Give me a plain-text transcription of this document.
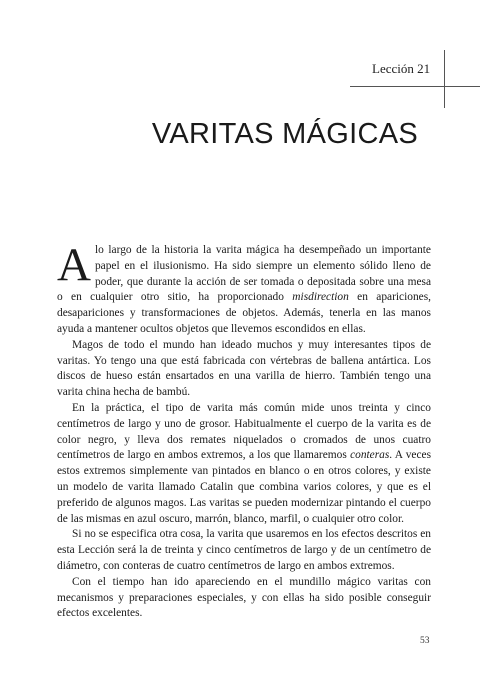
Lección 21
VARITAS MÁGICAS

Alo largo de la historia la varita mágica ha desempeñado un importante papel en el ilusionismo. Ha sido siempre un elemento sólido lleno de poder, que durante la acción de ser tomada o depositada sobre una mesa o en cualquier otro sitio, ha proporcionado misdirection en apariciones, desapariciones y transformaciones de objetos. Además, tenerla en las manos ayuda a mantener ocultos objetos que llevemos escondidos en ellas.

Magos de todo el mundo han ideado muchos y muy interesantes tipos de varitas. Yo tengo una que está fabricada con vértebras de ballena antártica. Los discos de hueso están ensartados en una varilla de hierro. También tengo una varita china hecha de bambú.

En la práctica, el tipo de varita más común mide unos treinta y cinco centímetros de largo y uno de grosor. Habitualmente el cuerpo de la varita es de color negro, y lleva dos remates niquelados o cromados de unos cuatro centímetros de largo en ambos extremos, a los que llamaremos conteras. A veces estos extremos simplemente van pintados en blanco o en otros colores, y existe un modelo de varita llamado Catalin que combina varios colores, y que es el preferido de algunos magos. Las varitas se pueden modernizar pintando el cuerpo de las mismas en azul oscuro, marrón, blanco, marfil, o cualquier otro color.

Si no se especifica otra cosa, la varita que usaremos en los efectos descritos en esta Lección será la de treinta y cinco centímetros de largo y de un centímetro de diámetro, con conteras de cuatro centímetros de largo en ambos extremos.

Con el tiempo han ido apareciendo en el mundillo mágico varitas con mecanismos y preparaciones especiales, y con ellas ha sido posible conseguir efectos excelentes.

53
